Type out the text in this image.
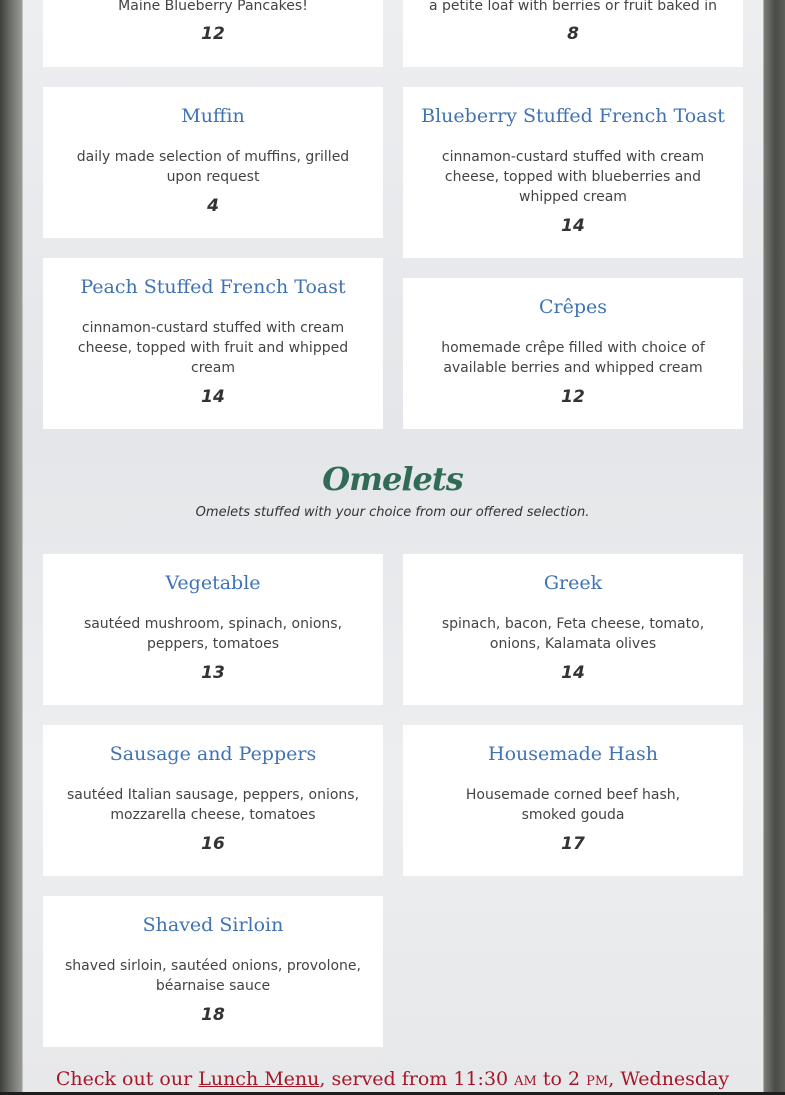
Maine Blueberry Pancakes!

12

a petite loaf with berries or fruit baked in

8

Muffin

daily made selection of muffins, grilled upon request

4

Blueberry Stuffed French Toast

cinnamon-custard stuffed with cream cheese, topped with blueberries and whipped cream

14

Peach Stuffed French Toast

cinnamon-custard stuffed with cream cheese, topped with fruit and whipped cream

14

Crêpes

homemade crêpe filled with choice of available berries and whipped cream

12

Omelets
Omelets stuffed with your choice from our offered selection.

Vegetable

sautéed mushroom, spinach, onions, peppers, tomatoes

13

Greek

spinach, bacon, Feta cheese, tomato, onions, Kalamata olives

14

Sausage and Peppers

sautéed Italian sausage, peppers, onions, mozzarella cheese, tomatoes

16

Housemade Hash

Housemade corned beef hash, smoked gouda

17

Shaved Sirloin

shaved sirloin, sautéed onions, provolone, béarnaise sauce

18

Check out our Lunch Menu, served from 11:30 AM to 2 PM, Wednesday
